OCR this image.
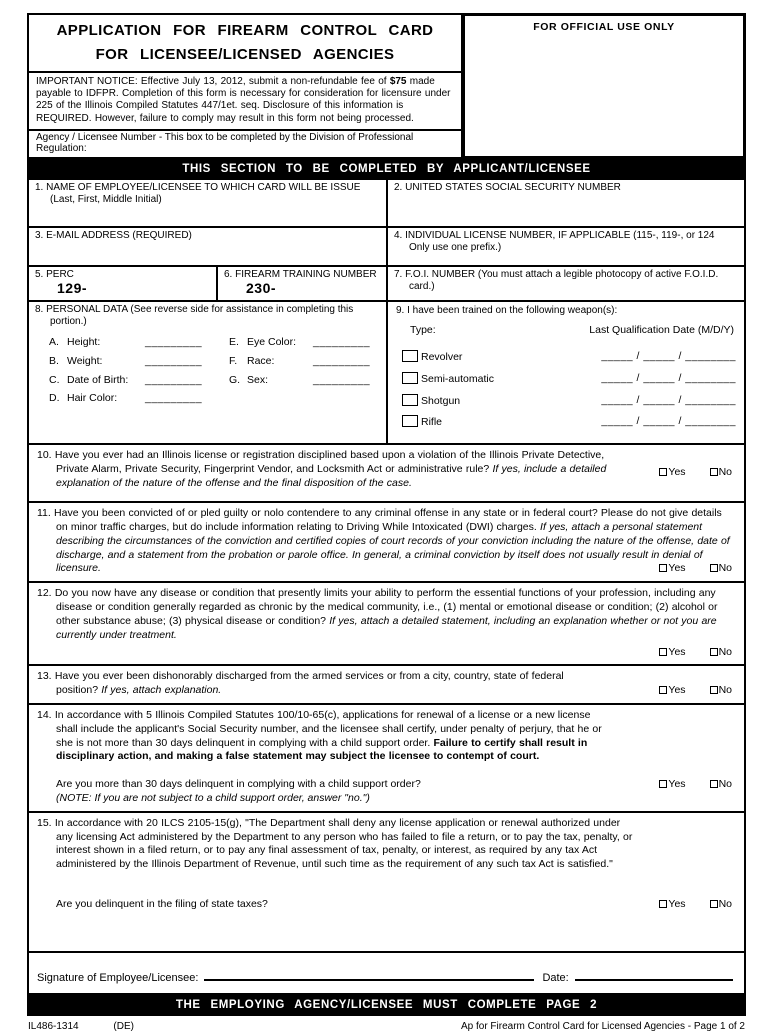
APPLICATION FOR FIREARM CONTROL CARD
FOR LICENSEE/LICENSED AGENCIES
IMPORTANT NOTICE: Effective July 13, 2012, submit a non-refundable fee of $75 made payable to IDFPR. Completion of this form is necessary for consideration for licensure under 225 of the Illinois Compiled Statutes 447/1et. seq. Disclosure of this information is REQUIRED. However, failure to comply may result in this form not being processed.
Agency / Licensee Number - This box to be completed by the Division of Professional Regulation:
FOR OFFICIAL USE ONLY
THIS SECTION TO BE COMPLETED BY APPLICANT/LICENSEE
1. NAME OF EMPLOYEE/LICENSEE TO WHICH CARD WILL BE ISSUE
(Last, First, Middle Initial)
2. UNITED STATES SOCIAL SECURITY NUMBER
3. E-MAIL ADDRESS (REQUIRED)	4. INDIVIDUAL LICENSE NUMBER, IF APPLICABLE (115-, 119-, or 124
Only use one prefix.)
5. PERC
129-
6. FIREARM TRAINING NUMBER
230-
7. F.O.I. NUMBER (You must attach a legible photocopy of active F.O.I.D. card.)
8. PERSONAL DATA (See reverse side for assistance in completing this portion.)
A. Height:	_________
B. Weight:	_________
C. Date of Birth:	_________
D. Hair Color:	_________
E. Eye Color:	_________
F. Race:	_________
G. Sex:	_________
9. I have been trained on the following weapon(s):
Type:	Last Qualification Date (M/D/Y)
Revolver	_____ / _____ / ________
Semi-automatic	_____ / _____ / ________
Shotgun	_____ / _____ / ________
Rifle	_____ / _____ / ________
10. Have you ever had an Illinois license or registration disciplined based upon a violation of the Illinois Private Detective, Private Alarm, Private Security, Fingerprint Vendor, and Locksmith Act or administrative rule? If yes, include a detailed explanation of the nature of the offense and the final disposition of the case.
Yes	No
11. Have you been convicted of or pled guilty or nolo contendere to any criminal offense in any state or in federal court? Please do not give details on minor traffic charges, but do include information relating to Driving While Intoxicated (DWI) charges. If yes, attach a personal statement describing the circumstances of the conviction and certified copies of court records of your conviction including the nature of the offense, date of discharge, and a statement from the probation or parole office. In general, a criminal conviction by itself does not usually result in denial of licensure.	Yes	No
12. Do you now have any disease or condition that presently limits your ability to perform the essential functions of your profession, including any disease or condition generally regarded as chronic by the medical community, i.e., (1) mental or emotional disease or condition; (2) alcohol or other substance abuse; (3) physical disease or condition? If yes, attach a detailed statement, including an explanation whether or not you are currently under treatment.
Yes	No
13. Have you ever been dishonorably discharged from the armed services or from a city, country, state of federal position? If yes, attach explanation.	Yes	No
14. In accordance with 5 Illinois Compiled Statutes 100/10-65(c), applications for renewal of a license or a new license shall include the applicant's Social Security number, and the licensee shall certify, under penalty of perjury, that he or she is not more than 30 days delinquent in complying with a child support order. Failure to certify shall result in disciplinary action, and making a false statement may subject the licensee to contempt of court.
Are you more than 30 days delinquent in complying with a child support order?	Yes	No
(NOTE: If you are not subject to a child support order, answer "no.")
15. In accordance with 20 ILCS 2105-15(g), "The Department shall deny any license application or renewal authorized under any licensing Act administered by the Department to any person who has failed to file a return, or to pay the tax, penalty, or interest shown in a filed return, or to pay any final assessment of tax, penalty, or interest, as required by any tax Act administered by the Illinois Department of Revenue, until such time as the requirement of any such tax Act is satisfied."
Are you delinquent in the filing of state taxes?	Yes	No
Signature of Employee/Licensee:	Date:
THE EMPLOYING AGENCY/LICENSEE MUST COMPLETE PAGE 2
IL486-1314	(DE)	Ap for Firearm Control Card for Licensed Agencies - Page 1 of 2
